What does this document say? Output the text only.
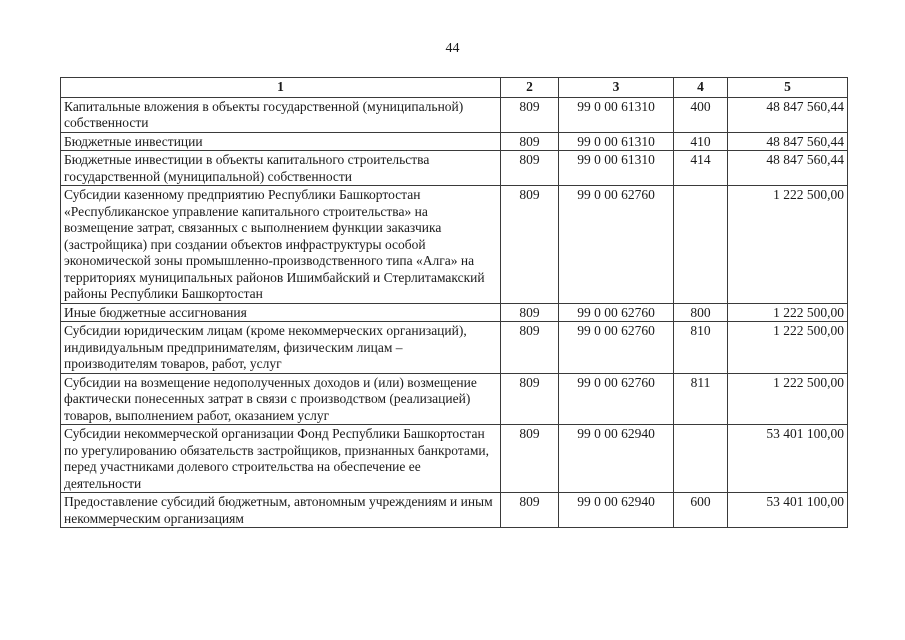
44
1	2	3	4	5
Капитальные вложения в объекты государственной (муниципальной) собственности	809	99 0 00 61310	400	48 847 560,44
Бюджетные инвестиции	809	99 0 00 61310	410	48 847 560,44
Бюджетные инвестиции в объекты капитального строительства государственной (муниципальной) собственности	809	99 0 00 61310	414	48 847 560,44
Субсидии казенному предприятию Республики Башкортостан «Республиканское управление капитального строительства» на возмещение затрат, связанных с выполнением функции заказчика (застройщика) при создании объектов инфраструктуры особой экономической зоны промышленно-производственного типа «Алга» на территориях муниципальных районов Ишимбайский и Стерлитамакский районы Республики Башкортостан	809	99 0 00 62760		1 222 500,00
Иные бюджетные ассигнования	809	99 0 00 62760	800	1 222 500,00
Субсидии юридическим лицам (кроме некоммерческих организаций), индивидуальным предпринимателям, физическим лицам – производителям товаров, работ, услуг	809	99 0 00 62760	810	1 222 500,00
Субсидии на возмещение недополученных доходов и (или) возмещение фактически понесенных затрат в связи с производством (реализацией) товаров, выполнением работ, оказанием услуг	809	99 0 00 62760	811	1 222 500,00
Субсидии некоммерческой организации Фонд Республики Башкортостан по урегулированию обязательств застройщиков, признанных банкротами, перед участниками долевого строительства на обеспечение ее деятельности	809	99 0 00 62940		53 401 100,00
Предоставление субсидий бюджетным, автономным учреждениям и иным некоммерческим организациям	809	99 0 00 62940	600	53 401 100,00
